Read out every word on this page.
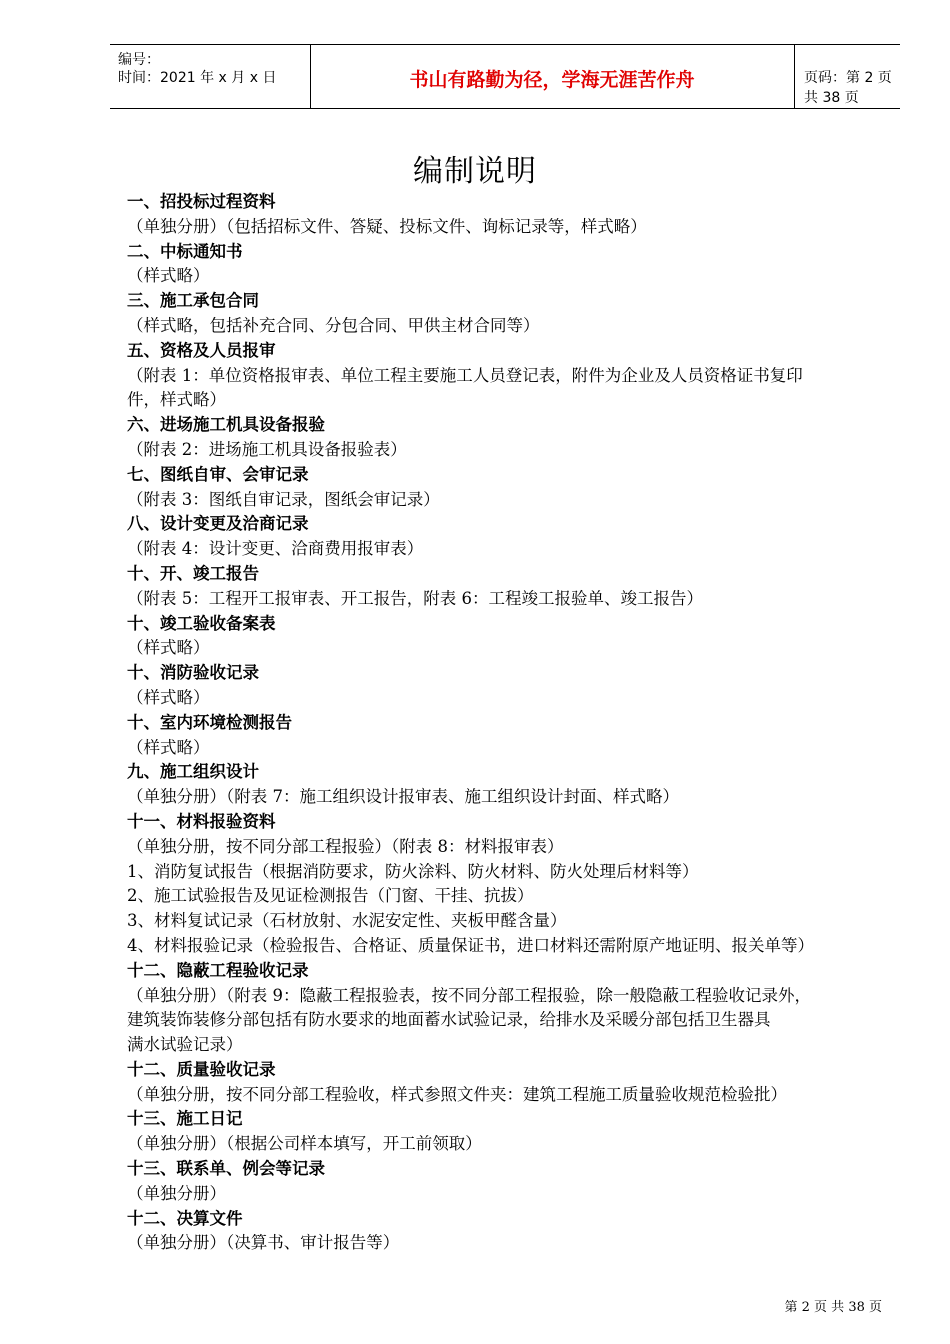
编号：
时间：2021 年 x 月 x 日	书山有路勤为径，学海无涯苦作舟	页码：第 2 页 共 38 页
编制说明
一、招投标过程资料
（单独分册）（包括招标文件、答疑、投标文件、询标记录等，样式略）
二、中标通知书
（样式略）
三、施工承包合同
（样式略，包括补充合同、分包合同、甲供主材合同等）
五、资格及人员报审
（附表 1：单位资格报审表、单位工程主要施工人员登记表，附件为企业及人员资格证书复印
件，样式略）
六、进场施工机具设备报验
（附表 2：进场施工机具设备报验表）
七、图纸自审、会审记录
（附表 3：图纸自审记录，图纸会审记录）
八、设计变更及洽商记录
（附表 4：设计变更、洽商费用报审表）
十、开、竣工报告
（附表 5：工程开工报审表、开工报告，附表 6：工程竣工报验单、竣工报告）
十、竣工验收备案表
（样式略）
十、消防验收记录
（样式略）
十、室内环境检测报告
（样式略）
九、施工组织设计
（单独分册）（附表 7：施工组织设计报审表、施工组织设计封面、样式略）
十一、材料报验资料
（单独分册，按不同分部工程报验）（附表 8：材料报审表）
1、消防复试报告（根据消防要求，防火涂料、防火材料、防火处理后材料等）
2、施工试验报告及见证检测报告（门窗、干挂、抗拔）
3、材料复试记录（石材放射、水泥安定性、夹板甲醛含量）
4、材料报验记录（检验报告、合格证、质量保证书，进口材料还需附原产地证明、报关单等）
十二、隐蔽工程验收记录
（单独分册）（附表 9：隐蔽工程报验表，按不同分部工程报验，除一般隐蔽工程验收记录外，
建筑装饰装修分部包括有防水要求的地面蓄水试验记录，给排水及采暖分部包括卫生器具
满水试验记录）
十二、质量验收记录
（单独分册，按不同分部工程验收，样式参照文件夹：建筑工程施工质量验收规范检验批）
十三、施工日记
（单独分册）（根据公司样本填写，开工前领取）
十三、联系单、例会等记录
（单独分册）
十二、决算文件
（单独分册）（决算书、审计报告等）
第 2 页 共 38 页
